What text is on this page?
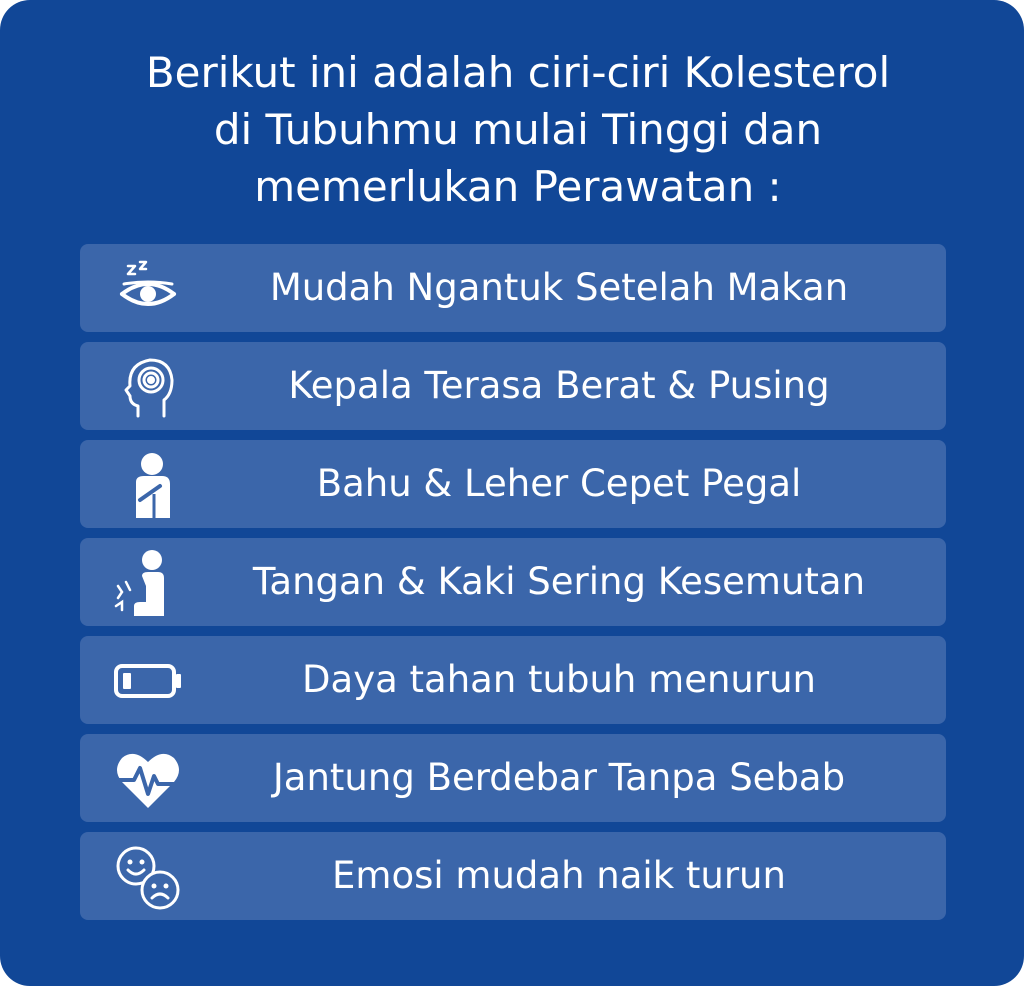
Berikut ini adalah ciri-ciri Kolesterol
di Tubuhmu mulai Tinggi dan
memerlukan Perawatan :
Mudah Ngantuk Setelah Makan
Kepala Terasa Berat & Pusing
Bahu & Leher Cepet Pegal
Tangan & Kaki Sering Kesemutan
Daya tahan tubuh menurun
Jantung Berdebar Tanpa Sebab
Emosi mudah naik turun
